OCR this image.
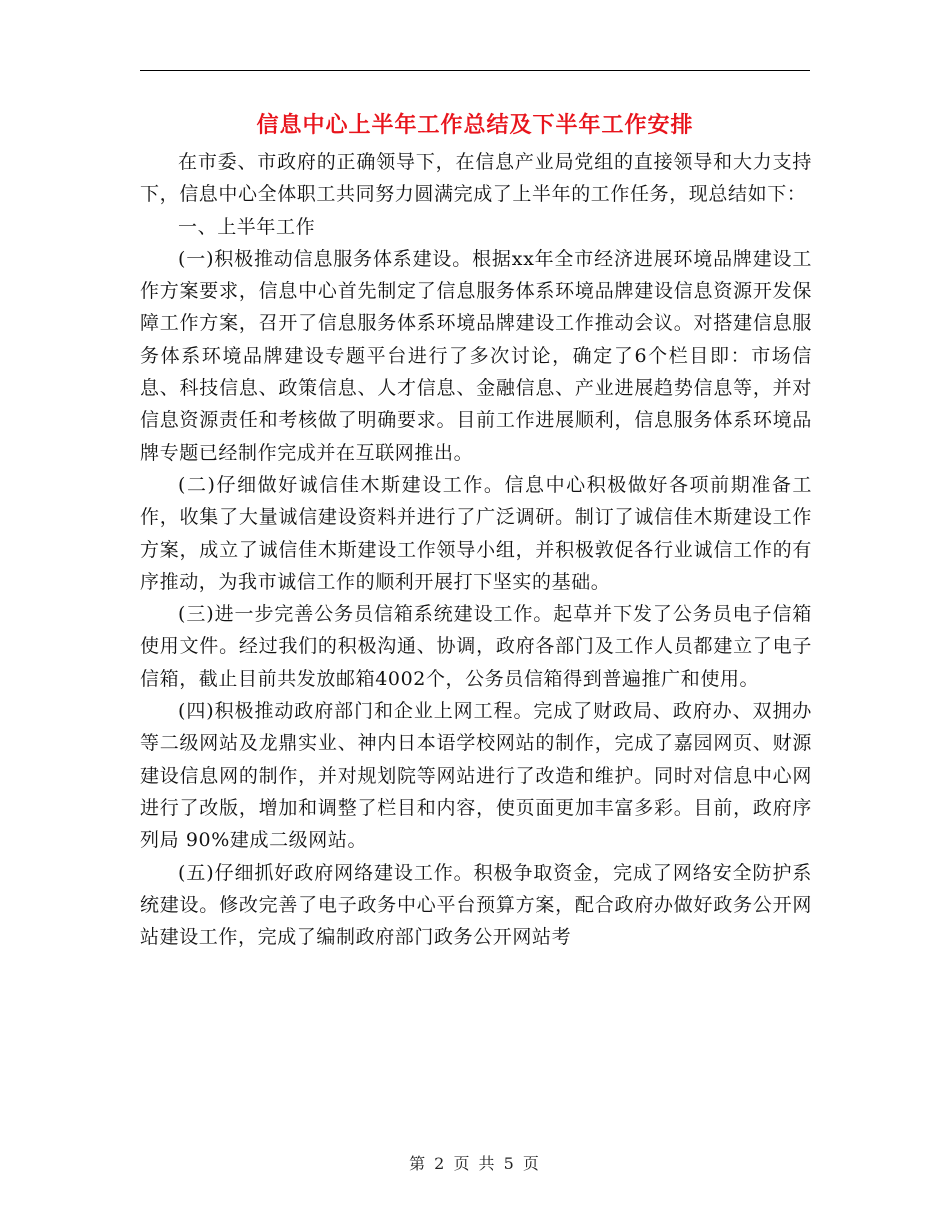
信息中心上半年工作总结及下半年工作安排

在市委、市政府的正确领导下，在信息产业局党组的直接领导和大力支持下，信息中心全体职工共同努力圆满完成了上半年的工作任务，现总结如下：

一、上半年工作

(一)积极推动信息服务体系建设。根据xx年全市经济进展环境品牌建设工作方案要求，信息中心首先制定了信息服务体系环境品牌建设信息资源开发保障工作方案，召开了信息服务体系环境品牌建设工作推动会议。对搭建信息服务体系环境品牌建设专题平台进行了多次讨论，确定了6个栏目即：市场信息、科技信息、政策信息、人才信息、金融信息、产业进展趋势信息等，并对信息资源责任和考核做了明确要求。目前工作进展顺利，信息服务体系环境品牌专题已经制作完成并在互联网推出。

(二)仔细做好诚信佳木斯建设工作。信息中心积极做好各项前期准备工作，收集了大量诚信建设资料并进行了广泛调研。制订了诚信佳木斯建设工作方案，成立了诚信佳木斯建设工作领导小组，并积极敦促各行业诚信工作的有序推动，为我市诚信工作的顺利开展打下坚实的基础。

(三)进一步完善公务员信箱系统建设工作。起草并下发了公务员电子信箱使用文件。经过我们的积极沟通、协调，政府各部门及工作人员都建立了电子信箱，截止目前共发放邮箱4002个，公务员信箱得到普遍推广和使用。

(四)积极推动政府部门和企业上网工程。完成了财政局、政府办、双拥办等二级网站及龙鼎实业、神内日本语学校网站的制作，完成了嘉园网页、财源建设信息网的制作，并对规划院等网站进行了改造和维护。同时对信息中心网进行了改版，增加和调整了栏目和内容，使页面更加丰富多彩。目前，政府序列局 90%建成二级网站。

(五)仔细抓好政府网络建设工作。积极争取资金，完成了网络安全防护系统建设。修改完善了电子政务中心平台预算方案，配合政府办做好政务公开网站建设工作，完成了编制政府部门政务公开网站考

第 2 页 共 5 页
